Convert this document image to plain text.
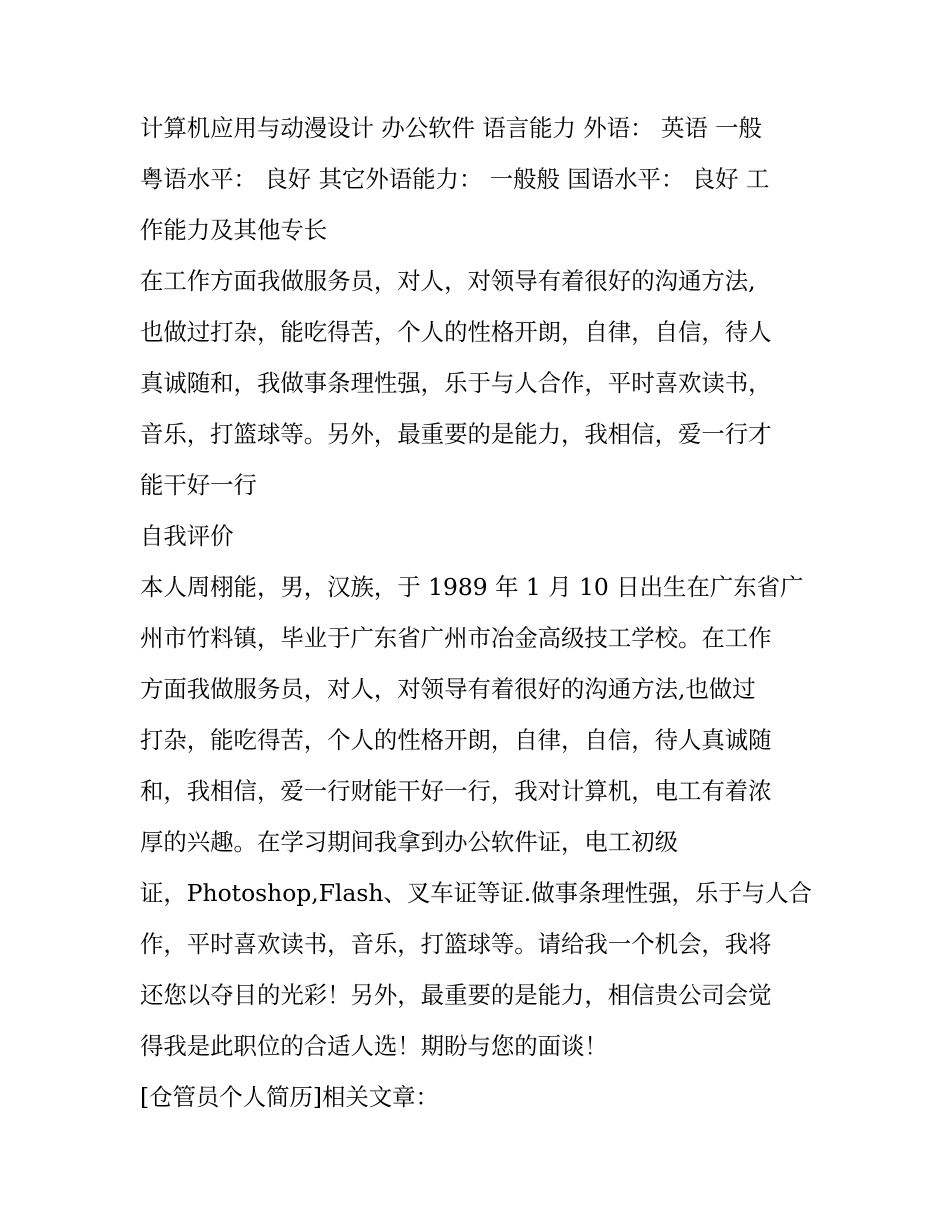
计算机应用与动漫设计 办公软件 语言能力 外语： 英语 一般
粤语水平： 良好 其它外语能力： 一般般 国语水平： 良好 工
作能力及其他专长
在工作方面我做服务员，对人，对领导有着很好的沟通方法,
也做过打杂，能吃得苦，个人的性格开朗，自律，自信，待人
真诚随和，我做事条理性强，乐于与人合作，平时喜欢读书，
音乐，打篮球等。另外，最重要的是能力，我相信，爱一行才
能干好一行
自我评价
本人周栩能，男，汉族，于 1989 年 1 月 10 日出生在广东省广
州市竹料镇，毕业于广东省广州市冶金高级技工学校。在工作
方面我做服务员，对人，对领导有着很好的沟通方法,也做过
打杂，能吃得苦，个人的性格开朗，自律，自信，待人真诚随
和，我相信，爱一行财能干好一行，我对计算机，电工有着浓
厚的兴趣。在学习期间我拿到办公软件证，电工初级
证，Photoshop,Flash、叉车证等证.做事条理性强，乐于与人合
作，平时喜欢读书，音乐，打篮球等。请给我一个机会，我将
还您以夺目的光彩！另外，最重要的是能力，相信贵公司会觉
得我是此职位的合适人选！期盼与您的面谈！
[仓管员个人简历]相关文章：
